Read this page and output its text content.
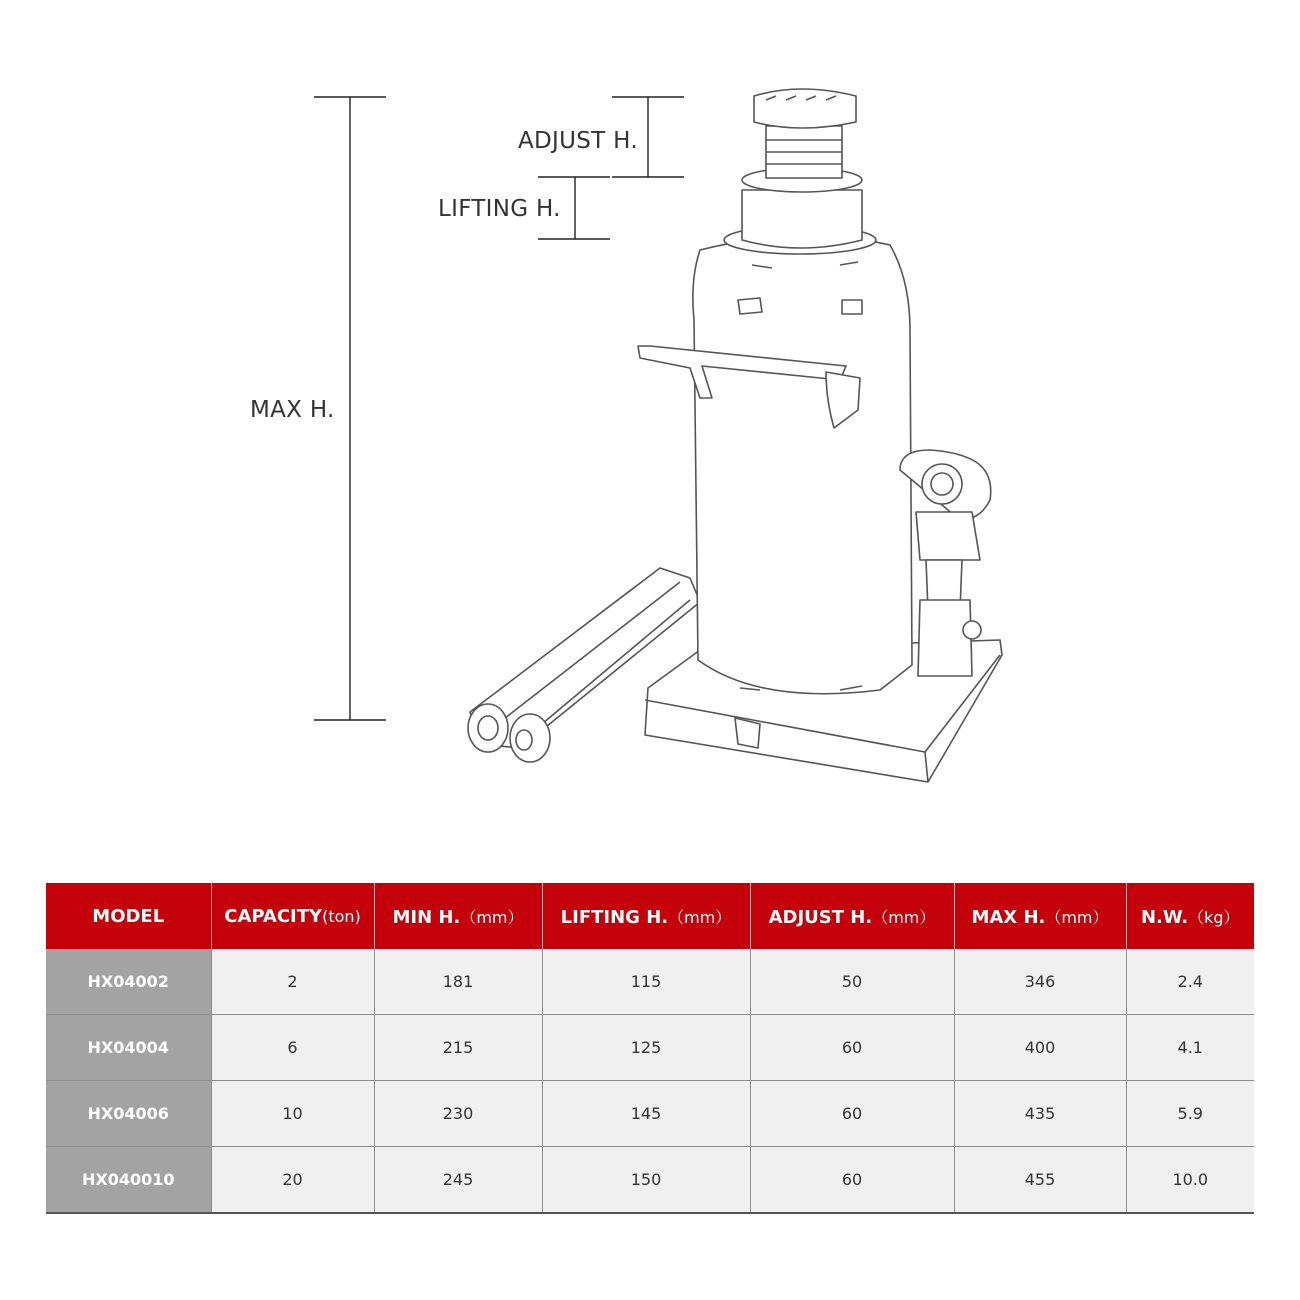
ADJUST H.
LIFTING H.
MAX H.
MODEL	CAPACITY(ton)	MIN H.（mm）	LIFTING H.（mm）	ADJUST H.（mm）	MAX H.（mm）	N.W.（kg）
HX04002	2	181	115	50	346	2.4
HX04004	6	215	125	60	400	4.1
HX04006	10	230	145	60	435	5.9
HX040010	20	245	150	60	455	10.0
